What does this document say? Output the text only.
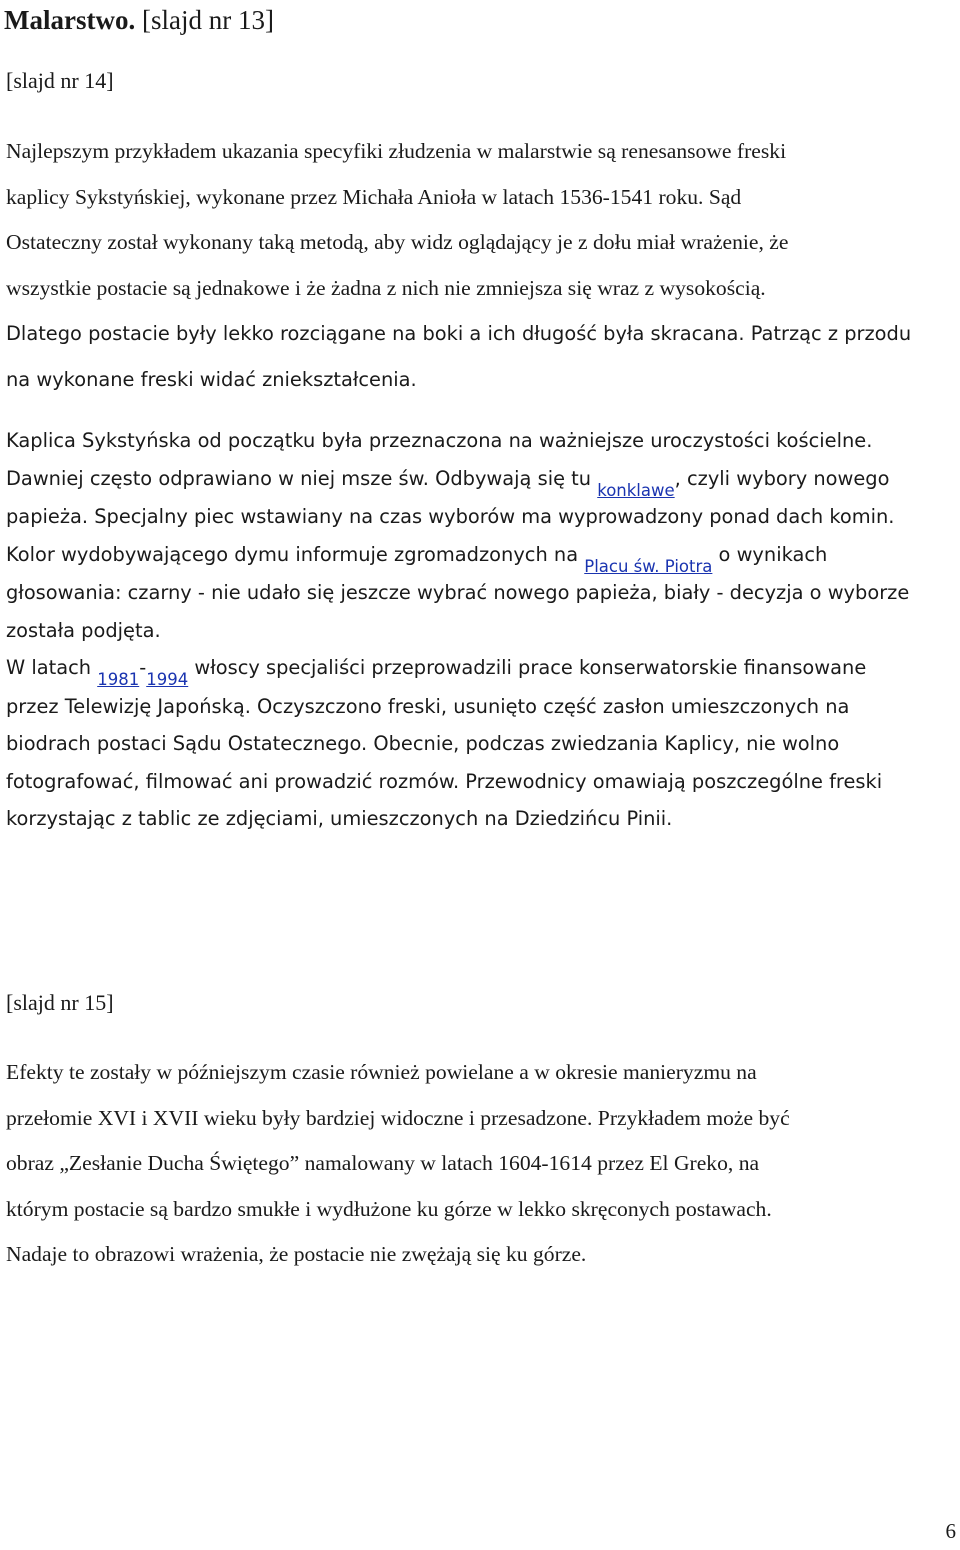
Malarstwo. [slajd nr 13]

[slajd nr 14]

Najlepszym przykładem ukazania specyfiki złudzenia w malarstwie są renesansowe freski
kaplicy Sykstyńskiej, wykonane przez Michała Anioła w latach 1536-1541 roku. Sąd
Ostateczny został wykonany taką metodą, aby widz oglądający je z dołu miał wrażenie, że
wszystkie postacie są jednakowe i że żadna z nich nie zmniejsza się wraz z wysokością.
Dlatego postacie były lekko rozciągane na boki a ich długość była skracana. Patrząc z przodu
na wykonane freski widać zniekształcenia.

Kaplica Sykstyńska od początku była przeznaczona na ważniejsze uroczystości kościelne.
Dawniej często odprawiano w niej msze św. Odbywają się tu konklawe, czyli wybory nowego
papieża. Specjalny piec wstawiany na czas wyborów ma wyprowadzony ponad dach komin.
Kolor wydobywającego dymu informuje zgromadzonych na Placu św. Piotra o wynikach
głosowania: czarny - nie udało się jeszcze wybrać nowego papieża, biały - decyzja o wyborze
została podjęta.
W latach 1981-1994 włoscy specjaliści przeprowadzili prace konserwatorskie finansowane
przez Telewizję Japońską. Oczyszczono freski, usunięto część zasłon umieszczonych na
biodrach postaci Sądu Ostatecznego. Obecnie, podczas zwiedzania Kaplicy, nie wolno
fotografować, filmować ani prowadzić rozmów. Przewodnicy omawiają poszczególne freski
korzystając z tablic ze zdjęciami, umieszczonych na Dziedzińcu Pinii.

[slajd nr 15]

Efekty te zostały w późniejszym czasie również powielane a w okresie manieryzmu na
przełomie XVI i XVII wieku były bardziej widoczne i przesadzone. Przykładem może być
obraz „Zesłanie Ducha Świętego” namalowany w latach 1604-1614 przez El Greko, na
którym postacie są bardzo smukłe i wydłużone ku górze w lekko skręconych postawach.
Nadaje to obrazowi wrażenia, że postacie nie zwężają się ku górze.

6
